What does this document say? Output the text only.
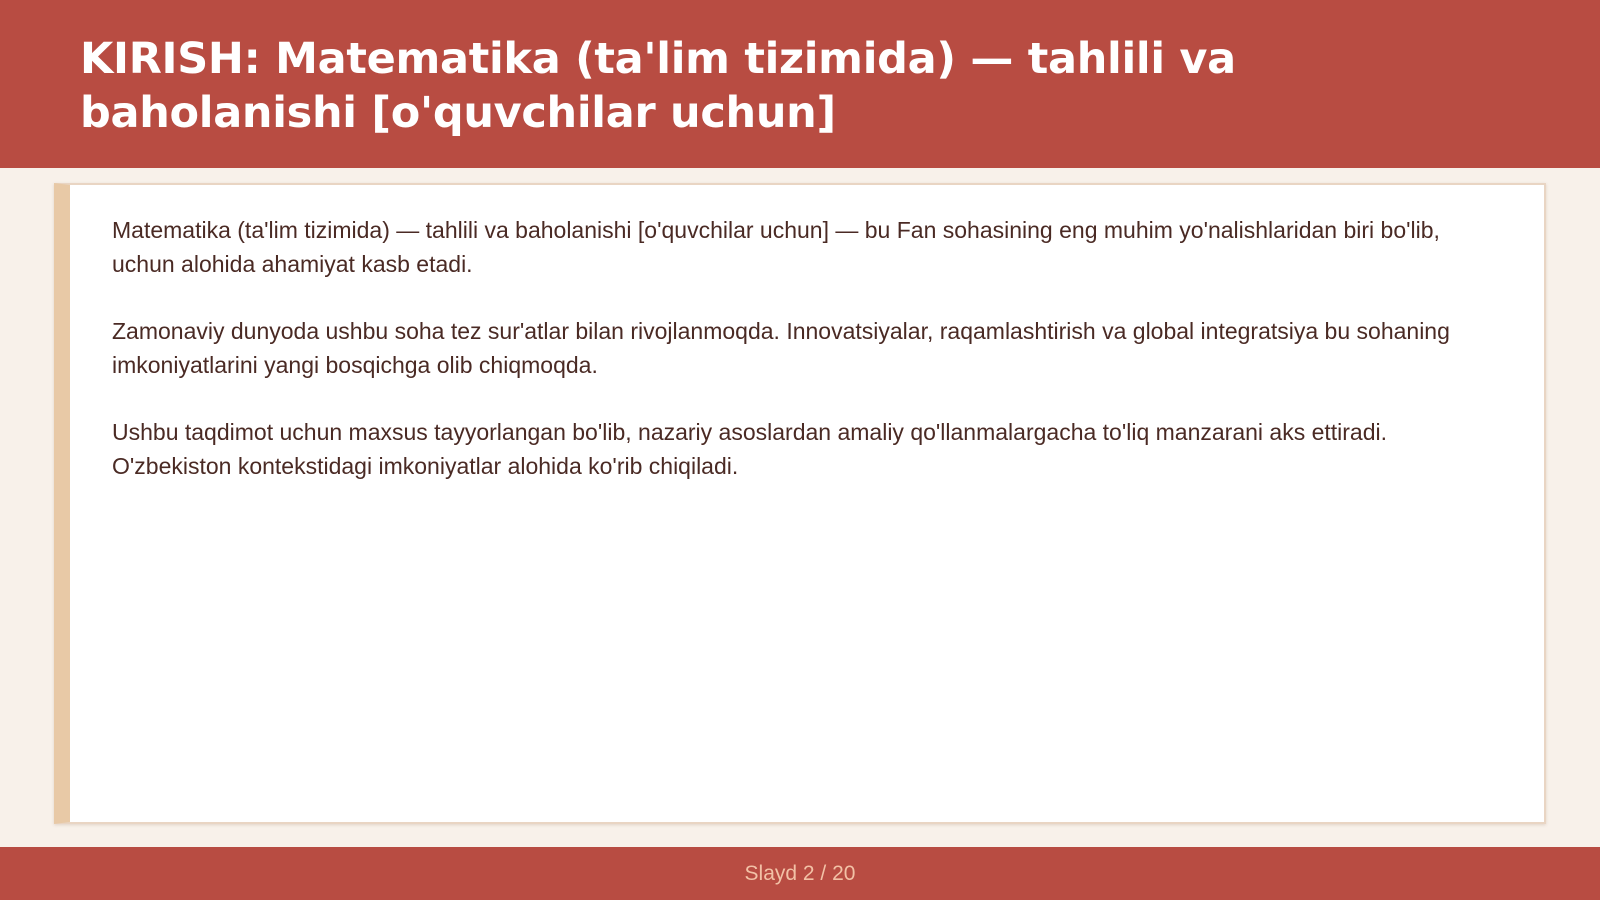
KIRISH: Matematika (ta'lim tizimida) — tahlili va baholanishi [o'quvchilar uchun]

Matematika (ta'lim tizimida) — tahlili va baholanishi [o'quvchilar uchun] — bu Fan sohasining eng muhim yo'nalishlaridan biri bo'lib, uchun alohida ahamiyat kasb etadi.

Zamonaviy dunyoda ushbu soha tez sur'atlar bilan rivojlanmoqda. Innovatsiyalar, raqamlashtirish va global integratsiya bu sohaning imkoniyatlarini yangi bosqichga olib chiqmoqda.

Ushbu taqdimot uchun maxsus tayyorlangan bo'lib, nazariy asoslardan amaliy qo'llanmalargacha to'liq manzarani aks ettiradi. O'zbekiston kontekstidagi imkoniyatlar alohida ko'rib chiqiladi.

Slayd 2 / 20
